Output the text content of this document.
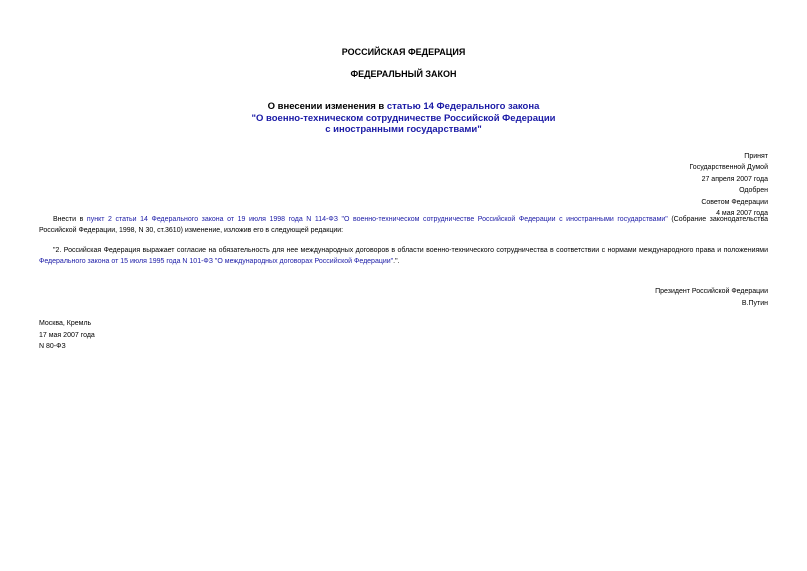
РОССИЙСКАЯ ФЕДЕРАЦИЯ
ФЕДЕРАЛЬНЫЙ ЗАКОН
О внесении изменения в статью 14 Федерального закона
"О военно-техническом сотрудничестве Российской Федерации
с иностранными государствами"
Принят
Государственной Думой
27 апреля 2007 года
Одобрен
Советом Федерации
4 мая 2007 года

Внести в пункт 2 статьи 14 Федерального закона от 19 июля 1998 года N 114-ФЗ "О военно-техническом сотрудничестве Российской Федерации с иностранными государствами" (Собрание законодательства Российской Федерации, 1998, N 30, ст.3610) изменение, изложив его в следующей редакции:

"2. Российская Федерация выражает согласие на обязательность для нее международных договоров в области военно-технического сотрудничества в соответствии с нормами международного права и положениями Федерального закона от 15 июля 1995 года N 101-ФЗ "О международных договорах Российской Федерации".".

Президент Российской Федерации
В.Путин
Москва, Кремль
17 мая 2007 года
N 80-ФЗ
